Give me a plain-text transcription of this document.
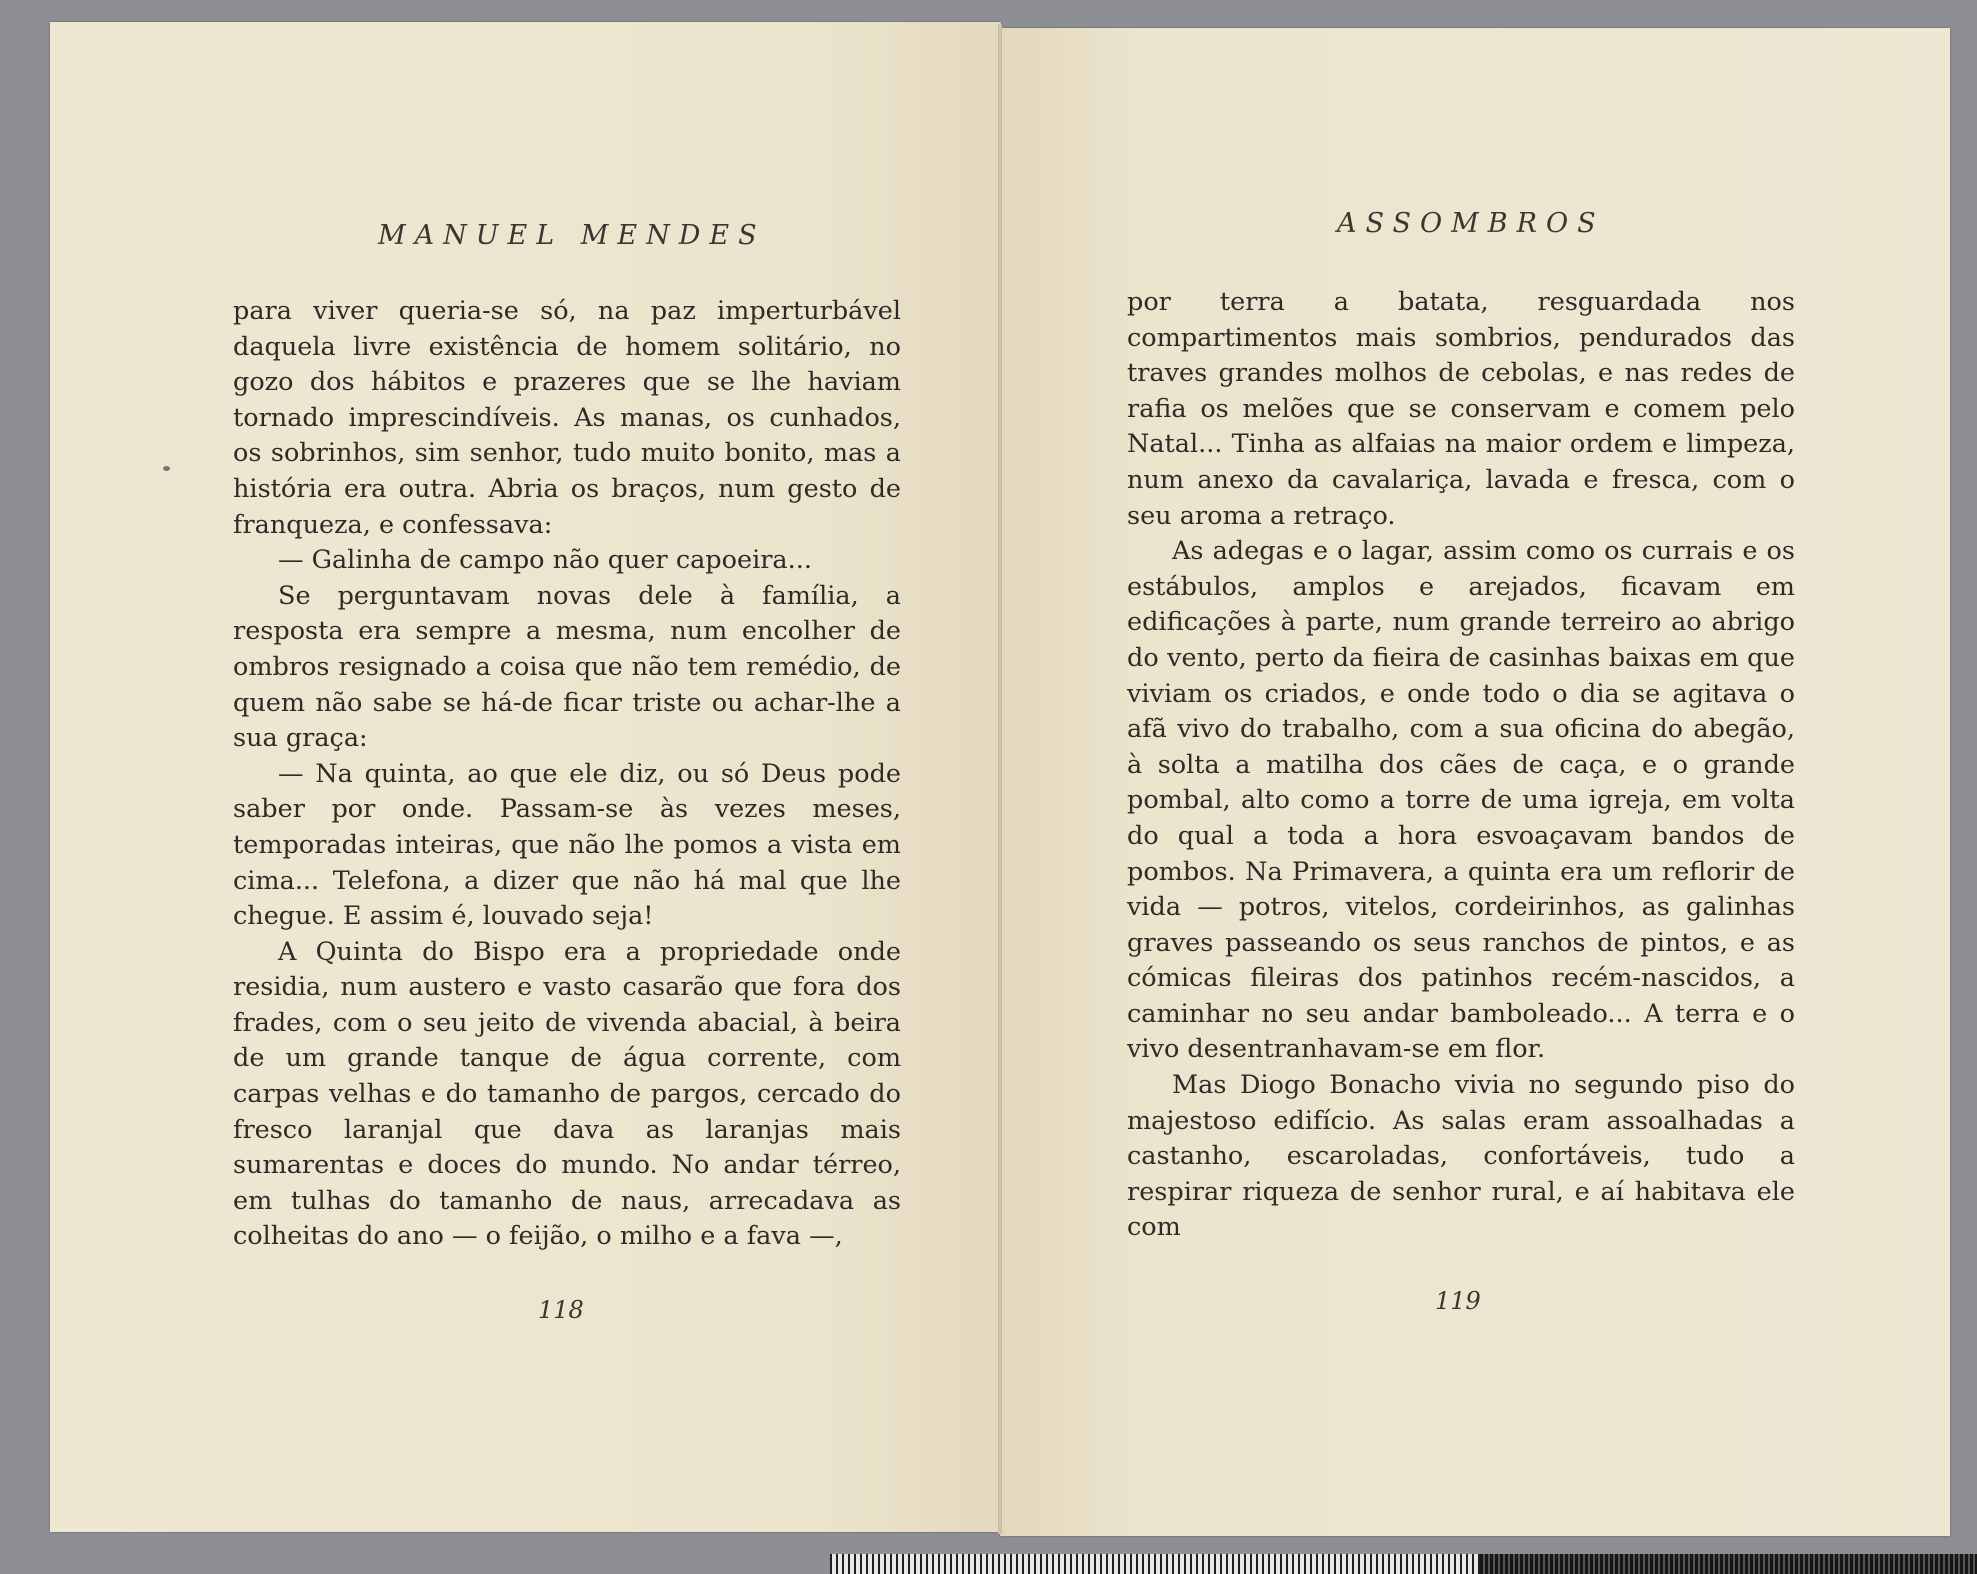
MANUEL MENDES	ASSOMBROS

para viver queria-se só, na paz imperturbável daquela livre existência de homem solitário, no gozo dos hábitos e prazeres que se lhe haviam tornado imprescindíveis. As manas, os cunhados, os sobrinhos, sim senhor, tudo muito bonito, mas a história era outra. Abria os braços, num gesto de franqueza, e confessava:

— Galinha de campo não quer capoeira...

Se perguntavam novas dele à família, a resposta era sempre a mesma, num encolher de ombros resignado a coisa que não tem remédio, de quem não sabe se há-de ficar triste ou achar-lhe a sua graça:

— Na quinta, ao que ele diz, ou só Deus pode saber por onde. Passam-se às vezes meses, temporadas inteiras, que não lhe pomos a vista em cima... Telefona, a dizer que não há mal que lhe chegue. E assim é, louvado seja!

A Quinta do Bispo era a propriedade onde residia, num austero e vasto casarão que fora dos frades, com o seu jeito de vivenda abacial, à beira de um grande tanque de água corrente, com carpas velhas e do tamanho de pargos, cercado do fresco laranjal que dava as laranjas mais sumarentas e doces do mundo. No andar térreo, em tulhas do tamanho de naus, arrecadava as colheitas do ano — o feijão, o milho e a fava —,

por terra a batata, resguardada nos compartimentos mais sombrios, pendurados das traves grandes molhos de cebolas, e nas redes de rafia os melões que se conservam e comem pelo Natal... Tinha as alfaias na maior ordem e limpeza, num anexo da cavalariça, lavada e fresca, com o seu aroma a retraço.

As adegas e o lagar, assim como os currais e os estábulos, amplos e arejados, ficavam em edificações à parte, num grande terreiro ao abrigo do vento, perto da fieira de casinhas baixas em que viviam os criados, e onde todo o dia se agitava o afã vivo do trabalho, com a sua oficina do abegão, à solta a matilha dos cães de caça, e o grande pombal, alto como a torre de uma igreja, em volta do qual a toda a hora esvoaçavam bandos de pombos. Na Primavera, a quinta era um reflorir de vida — potros, vitelos, cordeirinhos, as galinhas graves passeando os seus ranchos de pintos, e as cómicas fileiras dos patinhos recém-nascidos, a caminhar no seu andar bamboleado... A terra e o vivo desentranhavam-se em flor.

Mas Diogo Bonacho vivia no segundo piso do majestoso edifício. As salas eram assoalhadas a castanho, escaroladas, confortáveis, tudo a respirar riqueza de senhor rural, e aí habitava ele com

118	119
